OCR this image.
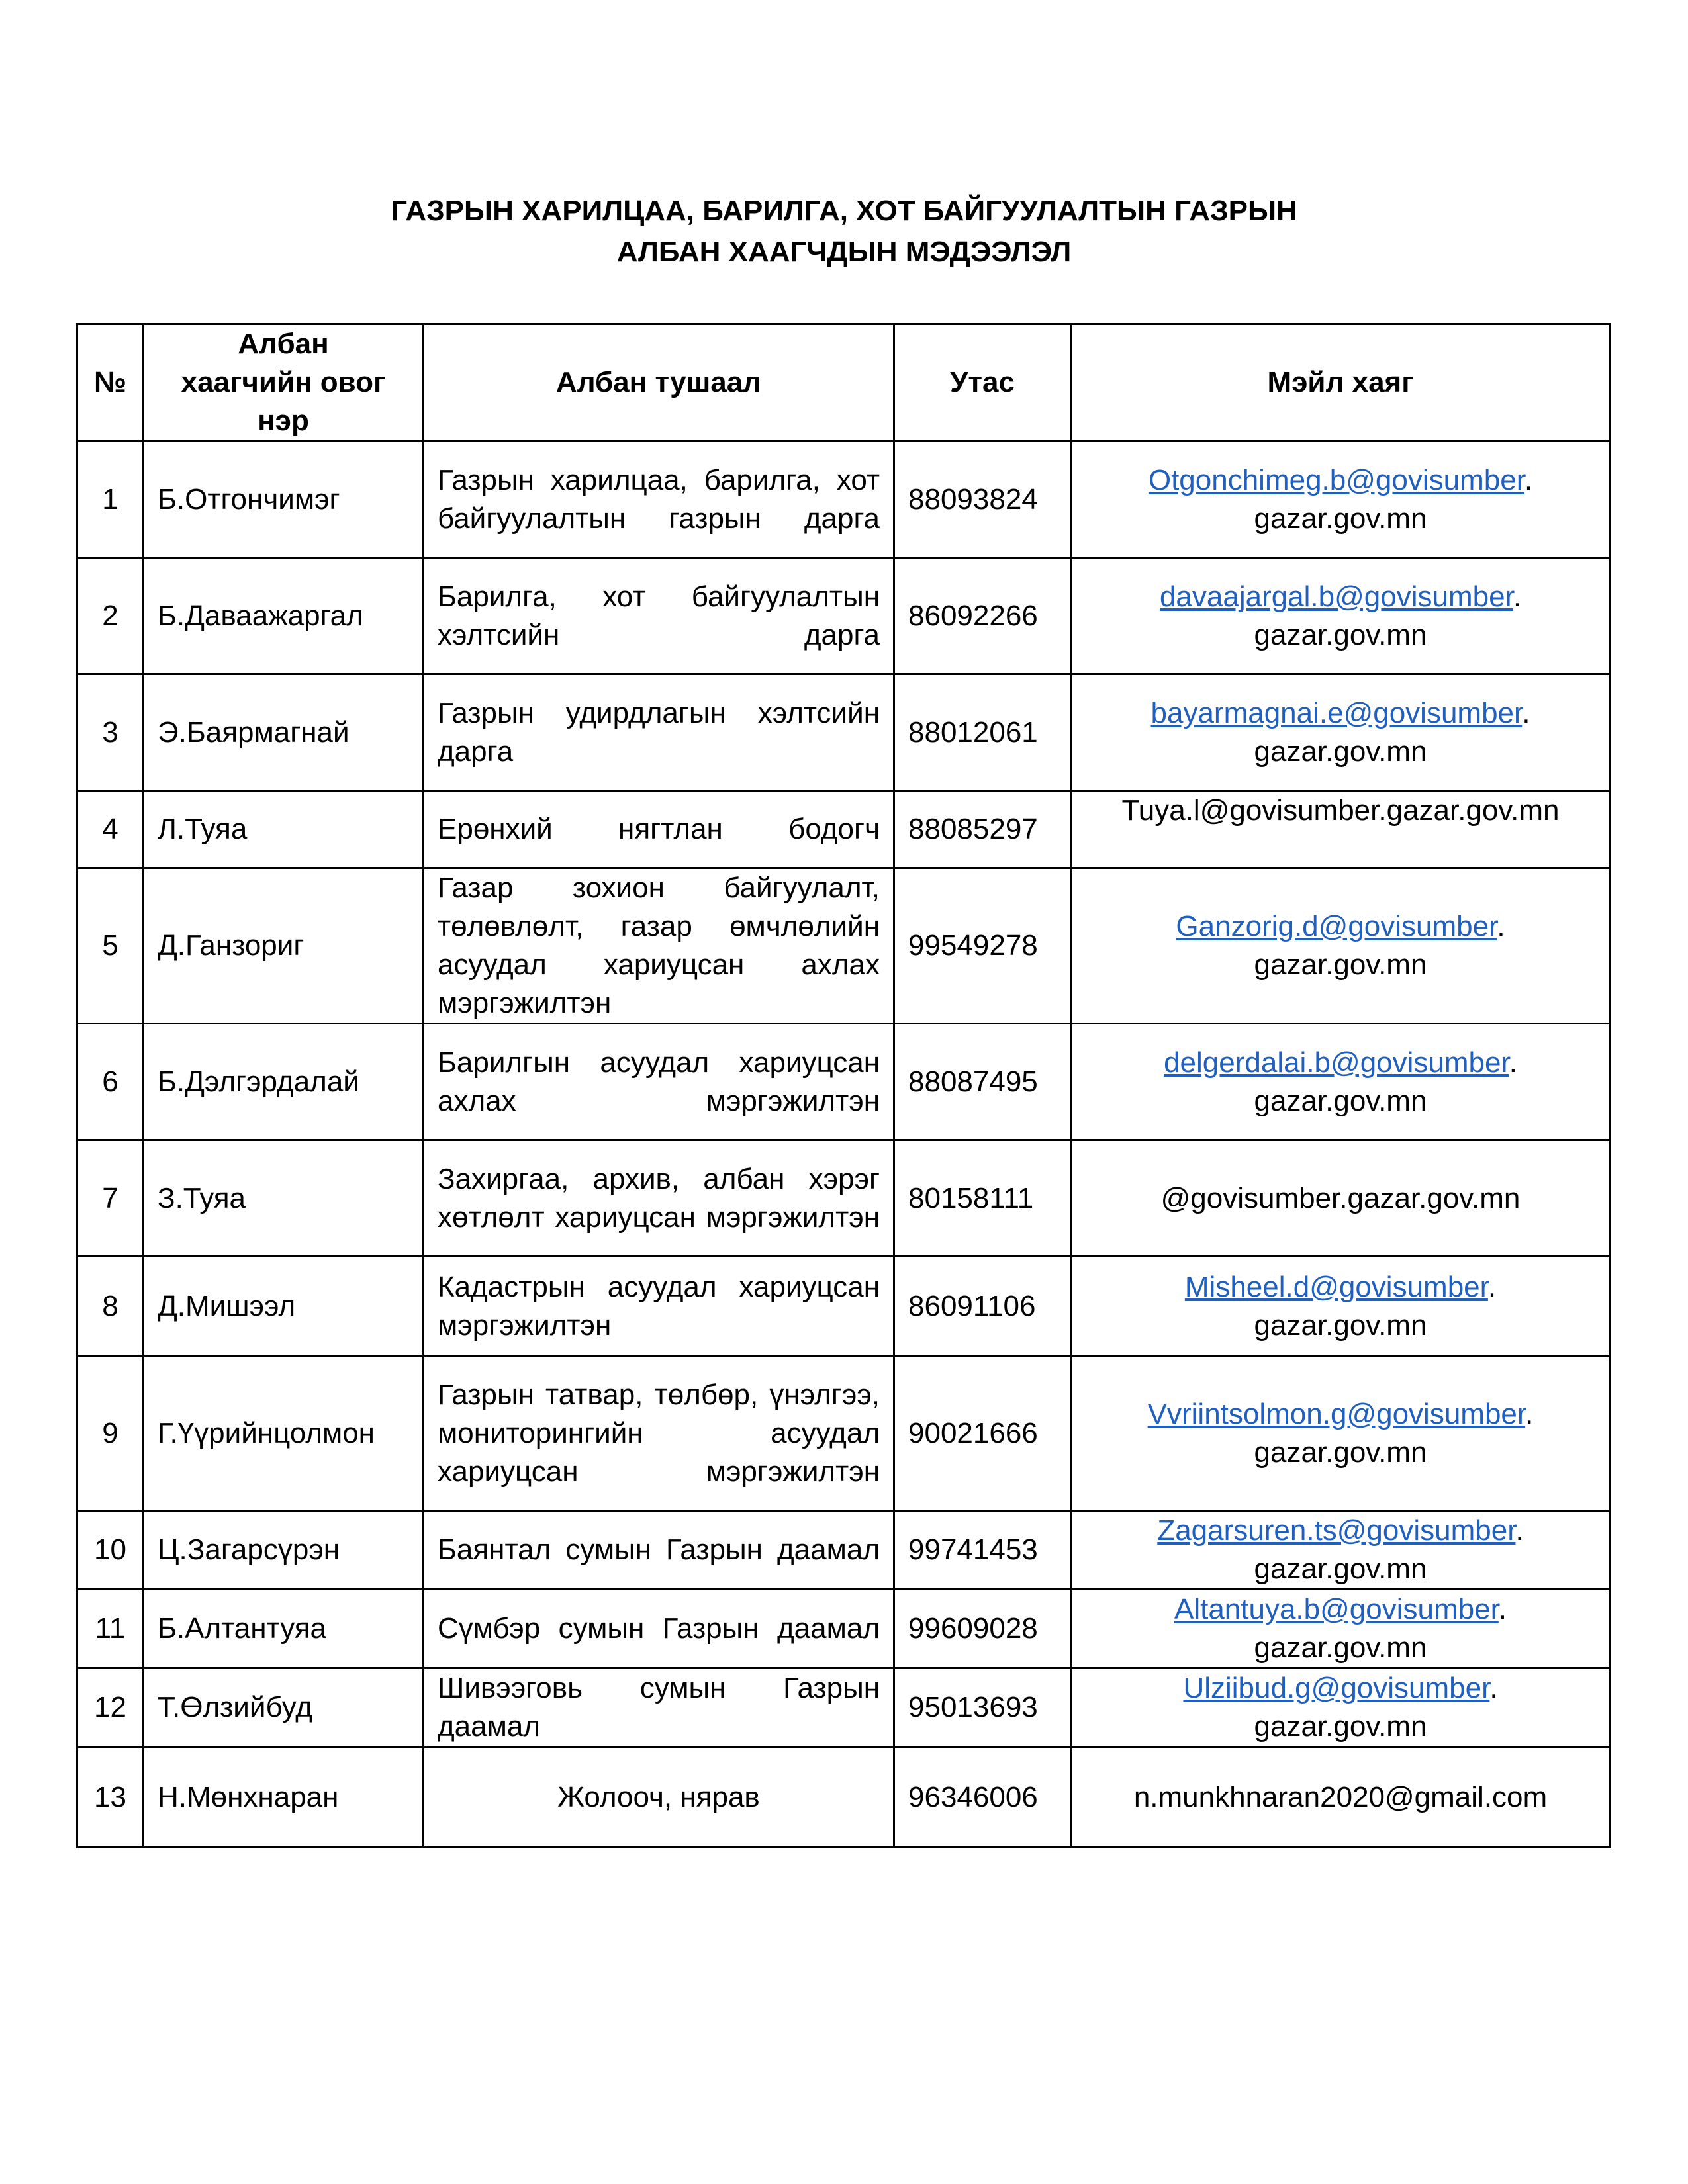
ГАЗРЫН ХАРИЛЦАА, БАРИЛГА, ХОТ БАЙГУУЛАЛТЫН ГАЗРЫН
АЛБАН ХААГЧДЫН МЭДЭЭЛЭЛ
№	Албан
хаагчийн овог
нэр	Албан тушаал	Утас	Мэйл хаяг
1	Б.Отгончимэг	Газрын харилцаа, барилга, хот байгуулалтын газрын дарга	88093824	Otgonchimeg.b@govisumber.
gazar.gov.mn

2	Б.Даваажаргал	Барилга, хот байгуулалтын хэлтсийн дарга	86092266	davaajargal.b@govisumber.
gazar.gov.mn

3	Э.Баярмагнай	Газрын удирдлагын хэлтсийн дарга	88012061	bayarmagnai.e@govisumber.
gazar.gov.mn

4	Л.Туяа	Ерөнхий нягтлан бодогч	88085297	Tuya.l@govisumber.gazar.gov.mn
5	Д.Ганзориг	Газар зохион байгуулалт, төлөвлөлт, газар өмчлөлийн асуудал хариуцсан ахлах мэргэжилтэн	99549278	Ganzorig.d@govisumber.
gazar.gov.mn

6	Б.Дэлгэрдалай	Барилгын асуудал хариуцсан ахлах мэргэжилтэн	88087495	delgerdalai.b@govisumber.
gazar.gov.mn

7	З.Туяа	Захиргаа, архив, албан хэрэг хөтлөлт хариуцсан мэргэжилтэн	80158111	@govisumber.gazar.gov.mn
8	Д.Мишээл	Кадастрын асуудал хариуцсан мэргэжилтэн	86091106	Misheel.d@govisumber.
gazar.gov.mn

9	Г.Үүрийнцолмон	Газрын татвар, төлбөр, үнэлгээ, мониторингийн асуудал хариуцсан мэргэжилтэн	90021666	Vvriintsolmon.g@govisumber.
gazar.gov.mn

10	Ц.Загарсүрэн	Баянтал сумын Газрын даамал	99741453	Zagarsuren.ts@govisumber.
gazar.gov.mn

11	Б.Алтантуяа	Сүмбэр сумын Газрын даамал	99609028	Altantuya.b@govisumber.
gazar.gov.mn

12	Т.Өлзийбуд	Шивээговь сумын Газрын даамал	95013693	Ulziibud.g@govisumber.
gazar.gov.mn

13	Н.Мөнхнаран	Жолооч, нярав	96346006	n.munkhnaran2020@gmail.com
